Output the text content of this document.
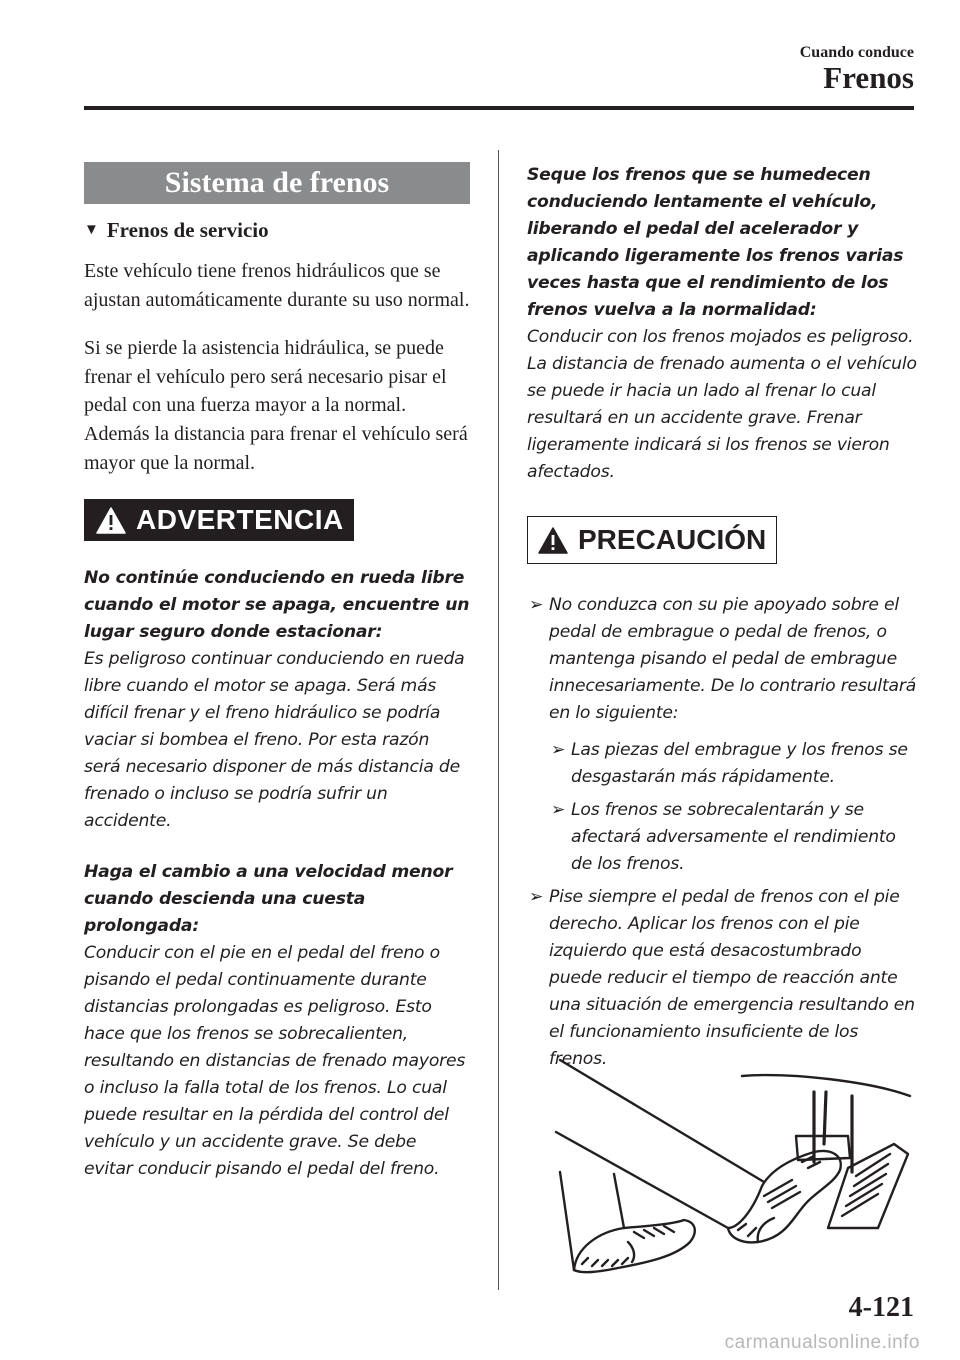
Cuando conduce
Frenos
Sistema de frenos
▼ Frenos de servicio

Este vehículo tiene frenos hidráulicos que se ajustan automáticamente durante su uso normal.

Si se pierde la asistencia hidráulica, se puede frenar el vehículo pero será necesario pisar el pedal con una fuerza mayor a la normal. Además la distancia para frenar el vehículo será mayor que la normal.

ADVERTENCIA
No continúe conduciendo en rueda libre cuando el motor se apaga, encuentre un lugar seguro donde estacionar:
Es peligroso continuar conduciendo en rueda libre cuando el motor se apaga. Será más difícil frenar y el freno hidráulico se podría vaciar si bombea el freno. Por esta razón será necesario disponer de más distancia de frenado o incluso se podría sufrir un accidente.
Haga el cambio a una velocidad menor cuando descienda una cuesta prolongada:
Conducir con el pie en el pedal del freno o pisando el pedal continuamente durante distancias prolongadas es peligroso. Esto hace que los frenos se sobrecalienten, resultando en distancias de frenado mayores o incluso la falla total de los frenos. Lo cual puede resultar en la pérdida del control del vehículo y un accidente grave. Se debe evitar conducir pisando el pedal del freno.
Seque los frenos que se humedecen conduciendo lentamente el vehículo, liberando el pedal del acelerador y aplicando ligeramente los frenos varias veces hasta que el rendimiento de los frenos vuelva a la normalidad:
Conducir con los frenos mojados es peligroso. La distancia de frenado aumenta o el vehículo se puede ir hacia un lado al frenar lo cual resultará en un accidente grave. Frenar ligeramente indicará si los frenos se vieron afectados.
PRECAUCIÓN
➢ No conduzca con su pie apoyado sobre el pedal de embrague o pedal de frenos, o mantenga pisando el pedal de embrague innecesariamente. De lo contrario resultará en lo siguiente:
➢ Las piezas del embrague y los frenos se desgastarán más rápidamente.
➢ Los frenos se sobrecalentarán y se afectará adversamente el rendimiento de los frenos.
➢ Pise siempre el pedal de frenos con el pie derecho. Aplicar los frenos con el pie izquierdo que está desacostumbrado puede reducir el tiempo de reacción ante una situación de emergencia resultando en el funcionamiento insuficiente de los frenos.
4-121
carmanualsonline.info
